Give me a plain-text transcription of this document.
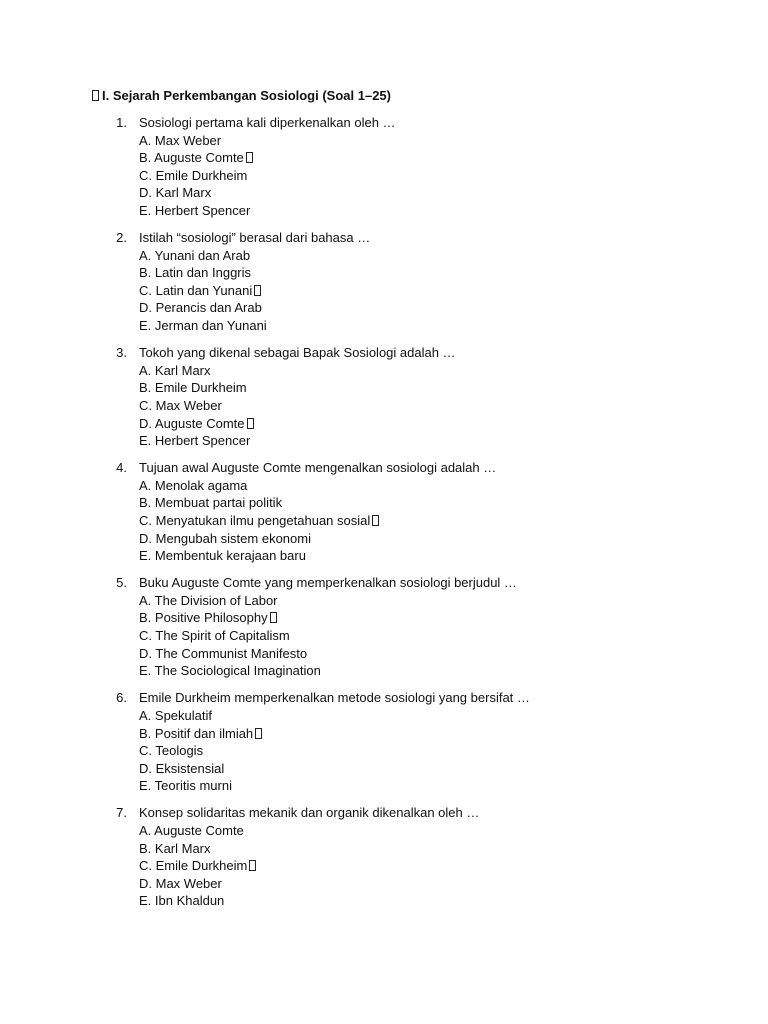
I. Sejarah Perkembangan Sosiologi (Soal 1–25)
1. Sosiologi pertama kali diperkenalkan oleh …
A. Max Weber
B. Auguste Comte
C. Emile Durkheim
D. Karl Marx
E. Herbert Spencer
2. Istilah “sosiologi” berasal dari bahasa …
A. Yunani dan Arab
B. Latin dan Inggris
C. Latin dan Yunani
D. Perancis dan Arab
E. Jerman dan Yunani
3. Tokoh yang dikenal sebagai Bapak Sosiologi adalah …
A. Karl Marx
B. Emile Durkheim
C. Max Weber
D. Auguste Comte
E. Herbert Spencer
4. Tujuan awal Auguste Comte mengenalkan sosiologi adalah …
A. Menolak agama
B. Membuat partai politik
C. Menyatukan ilmu pengetahuan sosial
D. Mengubah sistem ekonomi
E. Membentuk kerajaan baru
5. Buku Auguste Comte yang memperkenalkan sosiologi berjudul …
A. The Division of Labor
B. Positive Philosophy
C. The Spirit of Capitalism
D. The Communist Manifesto
E. The Sociological Imagination
6. Emile Durkheim memperkenalkan metode sosiologi yang bersifat …
A. Spekulatif
B. Positif dan ilmiah
C. Teologis
D. Eksistensial
E. Teoritis murni
7. Konsep solidaritas mekanik dan organik dikenalkan oleh …
A. Auguste Comte
B. Karl Marx
C. Emile Durkheim
D. Max Weber
E. Ibn Khaldun
